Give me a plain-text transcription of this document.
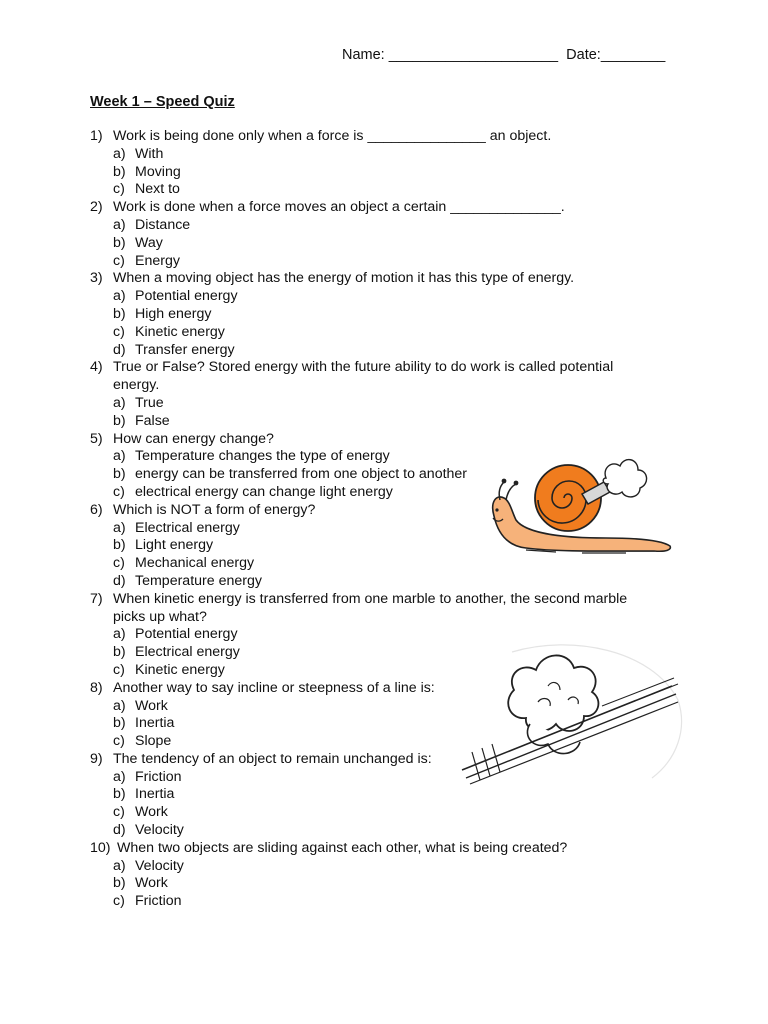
Name: _____________________ Date:________
Week 1 – Speed Quiz
1) Work is being done only when a force is _______________ an object.
a) With
b) Moving
c) Next to
2) Work is done when a force moves an object a certain ______________.
a) Distance
b) Way
c) Energy
3) When a moving object has the energy of motion it has this type of energy.
a) Potential energy
b) High energy
c) Kinetic energy
d) Transfer energy
4) True or False? Stored energy with the future ability to do work is called potential
energy.
a) True
b) False
5) How can energy change?
a) Temperature changes the type of energy
b) energy can be transferred from one object to another
c) electrical energy can change light energy
6) Which is NOT a form of energy?
a) Electrical energy
b) Light energy
c) Mechanical energy
d) Temperature energy
7) When kinetic energy is transferred from one marble to another, the second marble
picks up what?
a) Potential energy
b) Electrical energy
c) Kinetic energy
8) Another way to say incline or steepness of a line is:
a) Work
b) Inertia
c) Slope
9) The tendency of an object to remain unchanged is:
a) Friction
b) Inertia
c) Work
d) Velocity
10) When two objects are sliding against each other, what is being created?
a) Velocity
b) Work
c) Friction
